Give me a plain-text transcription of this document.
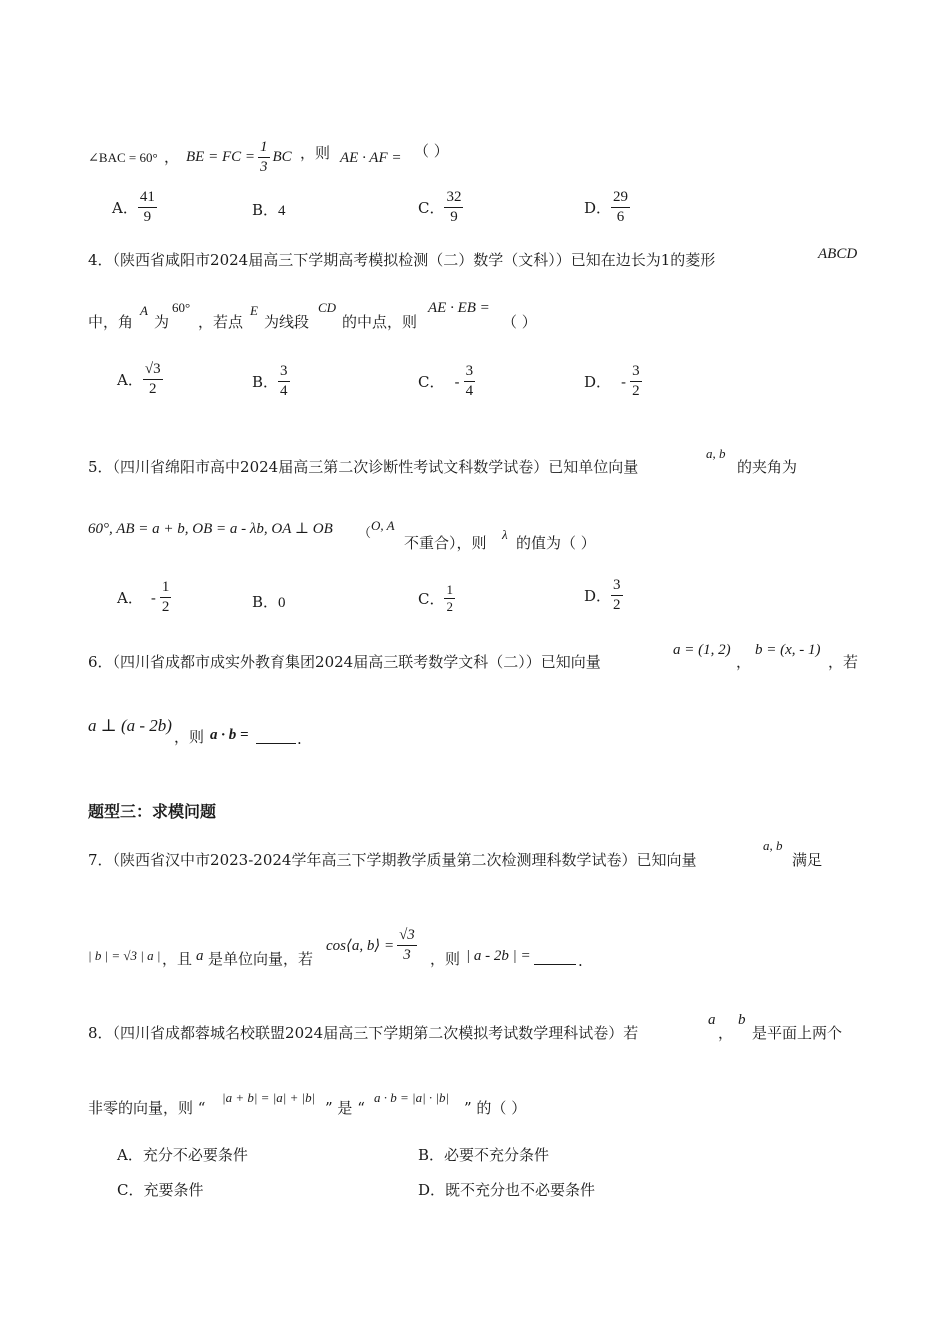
∠BAC = 60° ， BE = FC = $\frac{1}{3}$ BC ，则 AE · AF = （ ）
A． $\frac{41}{9}$	B．4	C． $\frac{32}{9}$	D． $\frac{29}{6}$
4．（陕西省咸阳市2024届高三下学期高考模拟检测（二）数学（文科））已知在边长为1的菱形	ABCD
中，角
A
为
60°
，若点
E
为线段
CD
的中点，则
AE · EB =
（ ）
A． $\frac{√3}{2}$	B． $\frac{3}{4}$	C． - $\frac{3}{4}$	D． - $\frac{3}{2}$
5．（四川省绵阳市高中2024届高三第二次诊断性考试文科数学试卷）已知单位向量
a, b
的夹角为
60°, AB = a + b, OB = a - λb, OA ⊥ OB （
O, A
不重合），则 λ 的值为（ ）
A． - $\frac{1}{2}$	B．0	C． $\frac{1}{2}$	D． $\frac{3}{2}$
6．（四川省成都市成实外教育集团2024届高三联考数学文科（二））已知向量
a = (1, 2)
，
b = (x, - 1)
，若
a ⊥ (a - 2b)
，则 a · b =	.
题型三：求模问题
7．（陕西省汉中市2023-2024学年高三下学期教学质量第二次检测理科数学试卷）已知向量
a, b
满足
| b | = √3 | a | ，且 a 是单位向量，若
cos⟨a, b⟩ = $\frac{√3}{3}$ ，则 | a - 2b | =	.
8．（四川省成都蓉城名校联盟2024届高三下学期第二次模拟考试数学理科试卷）若
a
，
b
是平面上两个
非零的向量，则 “
|a + b| = |a| + |b|
” 是 “
a · b = |a| · |b|
” 的（ ）
A．充分不必要条件	B．必要不充分条件
C．充要条件	D．既不充分也不必要条件
